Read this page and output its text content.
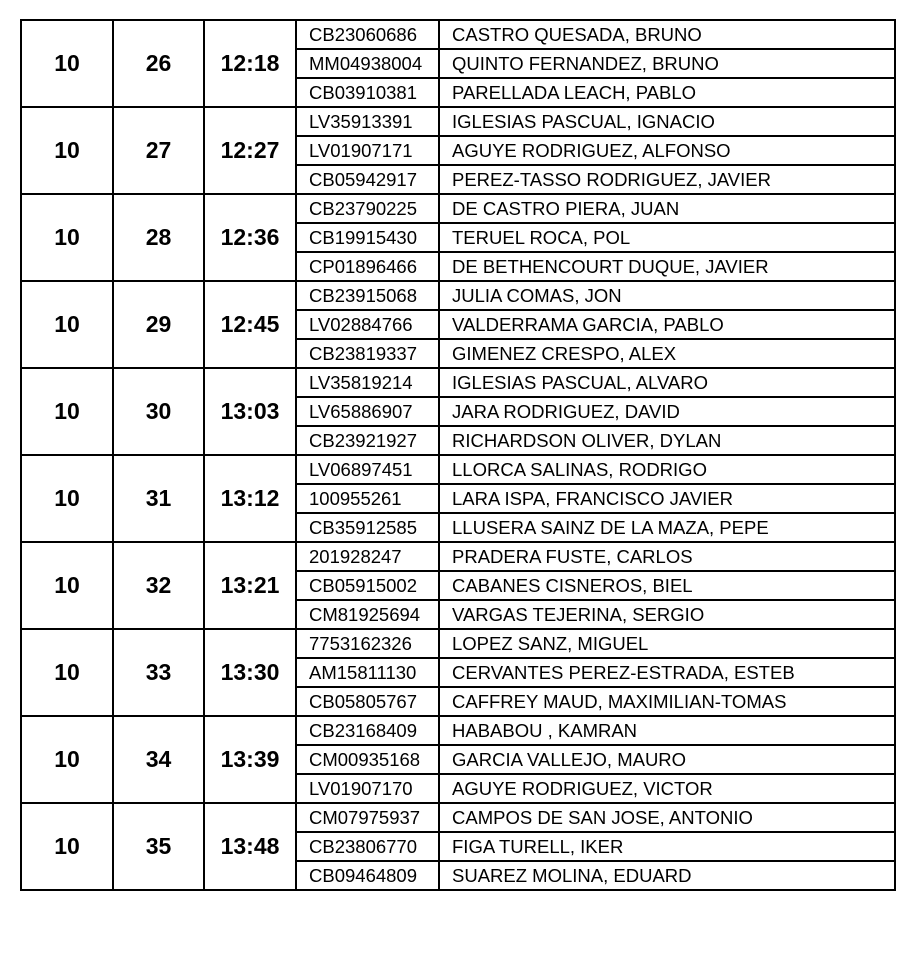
10	26	12:18	CB23060686	CASTRO QUESADA, BRUNO
			MM04938004	QUINTO FERNANDEZ, BRUNO
			CB03910381	PARELLADA LEACH, PABLO
10	27	12:27	LV35913391	IGLESIAS PASCUAL, IGNACIO
			LV01907171	AGUYE RODRIGUEZ, ALFONSO
			CB05942917	PEREZ-TASSO RODRIGUEZ, JAVIER
10	28	12:36	CB23790225	DE CASTRO PIERA, JUAN
			CB19915430	TERUEL ROCA, POL
			CP01896466	DE BETHENCOURT DUQUE, JAVIER
10	29	12:45	CB23915068	JULIA COMAS, JON
			LV02884766	VALDERRAMA GARCIA, PABLO
			CB23819337	GIMENEZ CRESPO, ALEX
10	30	13:03	LV35819214	IGLESIAS PASCUAL, ALVARO
			LV65886907	JARA RODRIGUEZ, DAVID
			CB23921927	RICHARDSON OLIVER, DYLAN
10	31	13:12	LV06897451	LLORCA SALINAS, RODRIGO
			100955261	LARA ISPA, FRANCISCO JAVIER
			CB35912585	LLUSERA SAINZ DE LA MAZA, PEPE
10	32	13:21	201928247	PRADERA FUSTE, CARLOS
			CB05915002	CABANES CISNEROS, BIEL
			CM81925694	VARGAS TEJERINA, SERGIO
10	33	13:30	7753162326	LOPEZ SANZ, MIGUEL
			AM15811130	CERVANTES PEREZ-ESTRADA, ESTEB
			CB05805767	CAFFREY MAUD, MAXIMILIAN-TOMAS
10	34	13:39	CB23168409	HABABOU , KAMRAN
			CM00935168	GARCIA VALLEJO, MAURO
			LV01907170	AGUYE RODRIGUEZ, VICTOR
10	35	13:48	CM07975937	CAMPOS DE SAN JOSE, ANTONIO
			CB23806770	FIGA TURELL, IKER
			CB09464809	SUAREZ MOLINA, EDUARD
